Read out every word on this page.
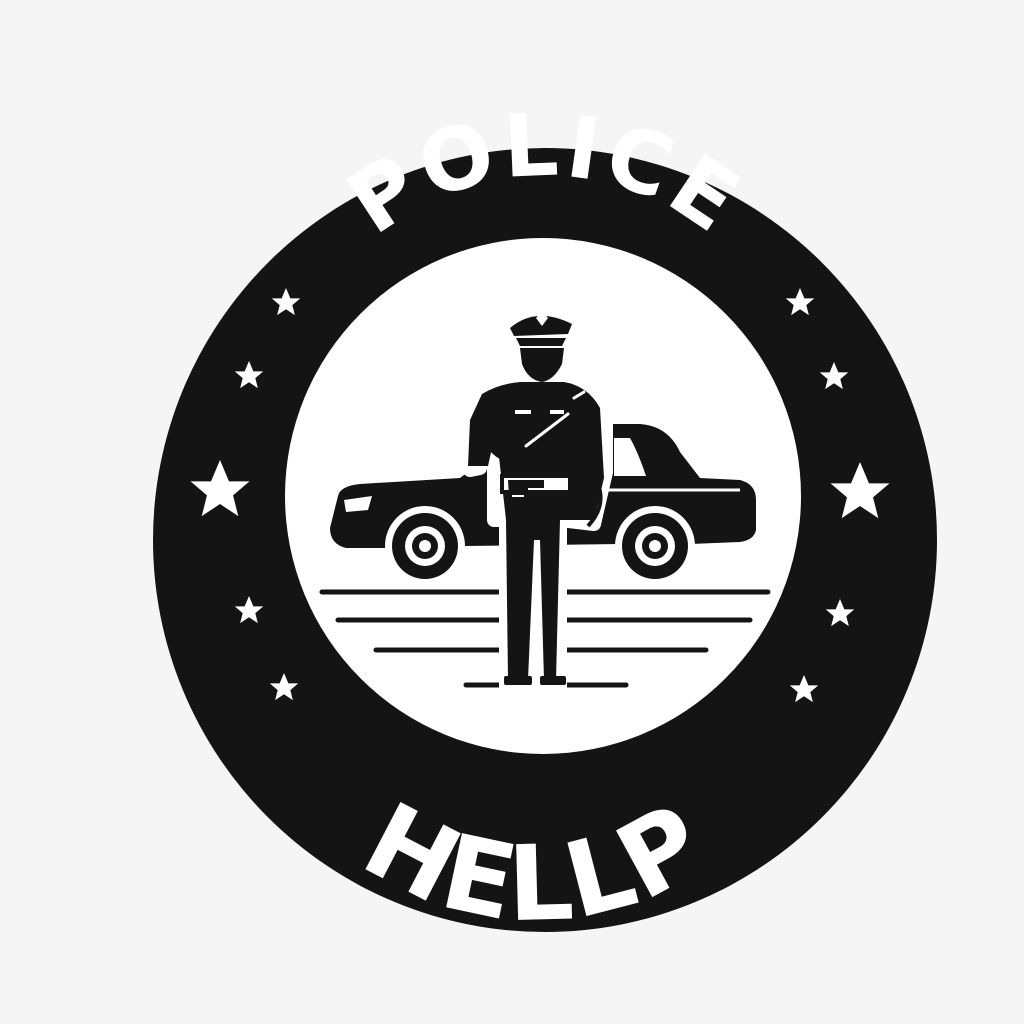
POLICE
HELLP
